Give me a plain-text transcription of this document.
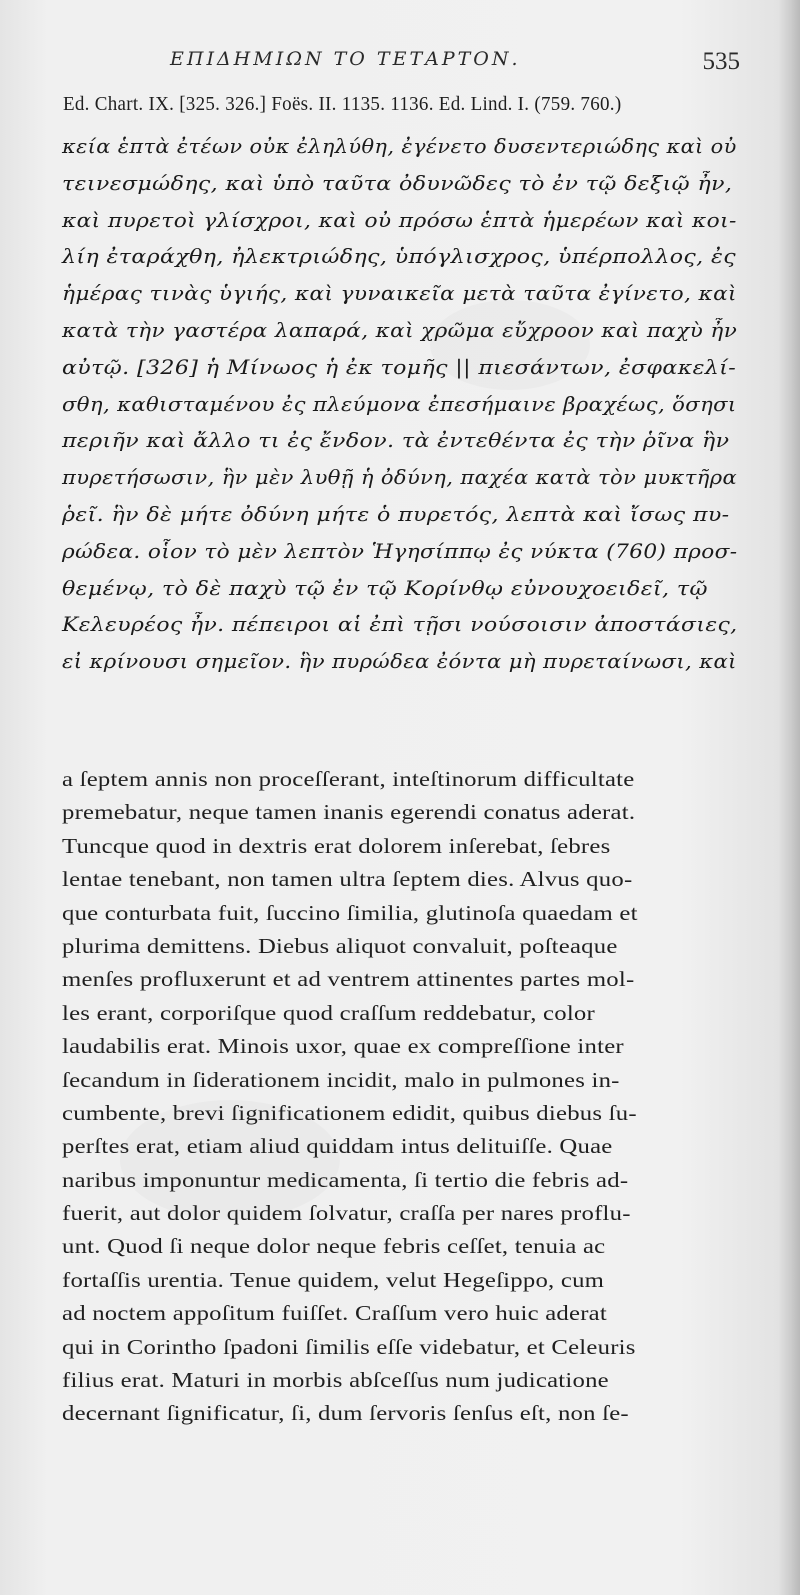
ΕΠΙΔΗΜΙΩΝ ΤΟ ΤΕΤΑΡΤΟΝ.	535
Ed. Chart. IX. [325. 326.] Foës. II. 1135. 1136. Ed. Lind. I. (759. 760.)
κεία ἑπτὰ ἐτέων οὐκ ἐληλύθη, ἐγένετο δυσεντεριώδης καὶ οὐ
τεινεσμώδης, καὶ ὑπὸ ταῦτα ὀδυνῶδες τὸ ἐν τῷ δεξιῷ ἦν,
καὶ πυρετοὶ γλίσχροι, καὶ οὐ πρόσω ἑπτὰ ἡμερέων καὶ κοι-
λίη ἐταράχθη, ἠλεκτριώδης, ὑπόγλισχρος, ὑπέρπολλος, ἐς
ἡμέρας τινὰς ὑγιής, καὶ γυναικεῖα μετὰ ταῦτα ἐγίνετο, καὶ
κατὰ τὴν γαστέρα λαπαρά, καὶ χρῶμα εὔχροον καὶ παχὺ ἦν
αὐτῷ. [326] ἡ Μίνωος ἡ ἐκ τομῆς || πιεσάντων, ἐσφακελί-
σθη, καθισταμένου ἐς πλεύμονα ἐπεσήμαινε βραχέως, ὅσησι
περιῆν καὶ ἄλλο τι ἐς ἔνδον. τὰ ἐντεθέντα ἐς τὴν ῥῖνα ἣν
πυρετήσωσιν, ἣν μὲν λυθῇ ἡ ὀδύνη, παχέα κατὰ τὸν μυκτῆρα
ῥεῖ. ἣν δὲ μήτε ὀδύνη μήτε ὁ πυρετός, λεπτὰ καὶ ἴσως πυ-
ρώδεα. οἷον τὸ μὲν λεπτὸν Ἡγησίππῳ ἐς νύκτα (760) προσ-
θεμένῳ, τὸ δὲ παχὺ τῷ ἐν τῷ Κορίνθῳ εὐνουχοειδεῖ, τῷ
Κελευρέος ἦν. πέπειροι αἱ ἐπὶ τῇσι νούσοισιν ἀποστάσιες,
εἰ κρίνουσι σημεῖον. ἣν πυρώδεα ἐόντα μὴ πυρεταίνωσι, καὶ
a ſeptem annis non proceſſerant, inteſtinorum difficultate
premebatur, neque tamen inanis egerendi conatus aderat.
Tuncque quod in dextris erat dolorem inſerebat, ſebres
lentae tenebant, non tamen ultra ſeptem dies. Alvus quo-
que conturbata fuit, ſuccino ſimilia, glutinoſa quaedam et
plurima demittens. Diebus aliquot convaluit, poſteaque
menſes profluxerunt et ad ventrem attinentes partes mol-
les erant, corporiſque quod craſſum reddebatur, color
laudabilis erat. Minois uxor, quae ex compreſſione inter
ſecandum in ſiderationem incidit, malo in pulmones in-
cumbente, brevi ſignificationem edidit, quibus diebus ſu-
perſtes erat, etiam aliud quiddam intus delituiſſe. Quae
naribus imponuntur medicamenta, ſi tertio die febris ad-
fuerit, aut dolor quidem ſolvatur, craſſa per nares proflu-
unt. Quod ſi neque dolor neque febris ceſſet, tenuia ac
fortaſſis urentia. Tenue quidem, velut Hegeſippo, cum
ad noctem appoſitum fuiſſet. Craſſum vero huic aderat
qui in Corintho ſpadoni ſimilis eſſe videbatur, et Celeuris
filius erat. Maturi in morbis abſceſſus num judicatione
decernant ſignificatur, ſi, dum ſervoris ſenſus eſt, non ſe-
